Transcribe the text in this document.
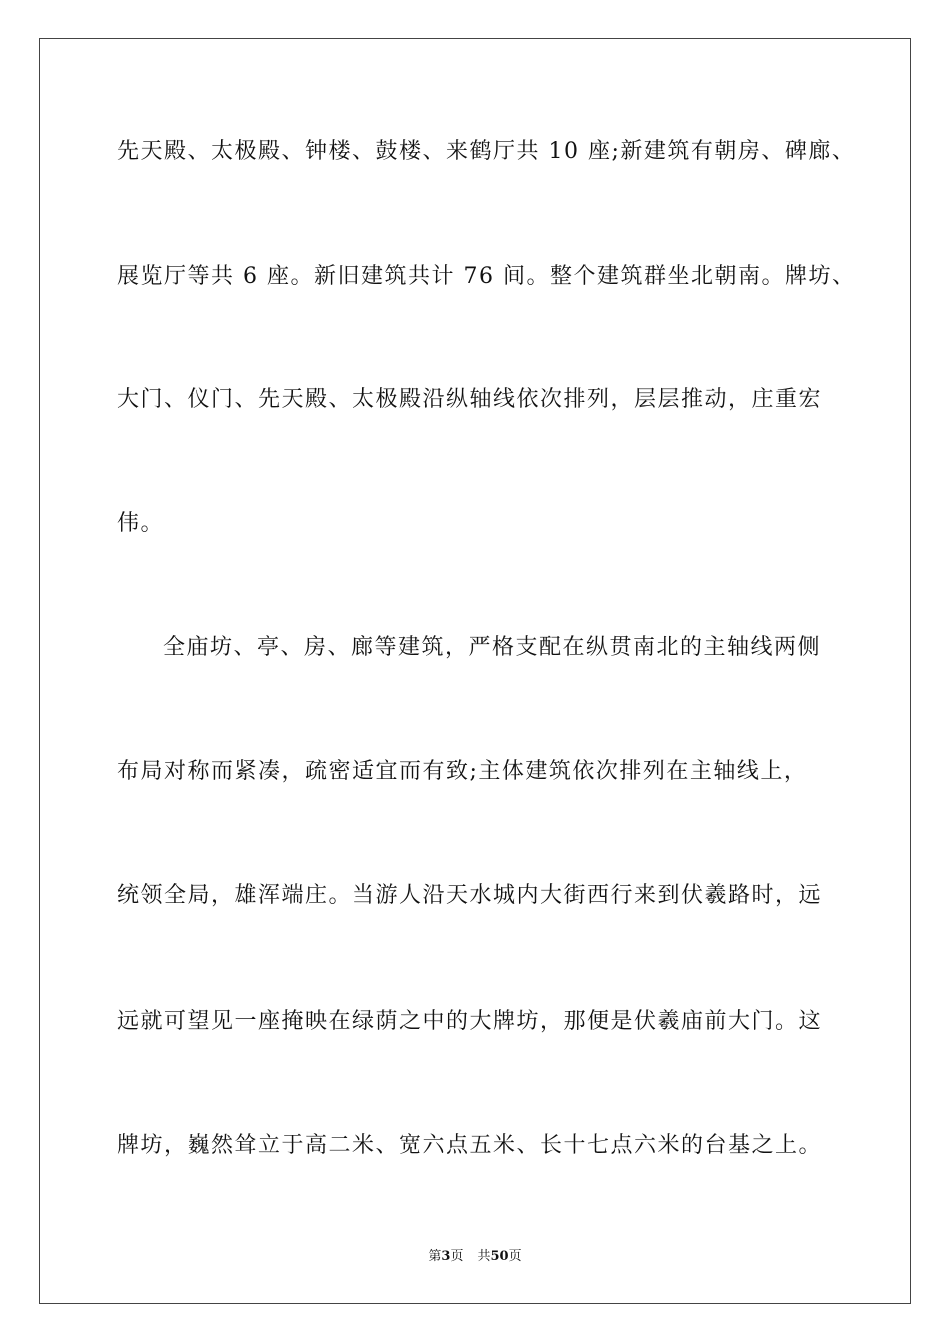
先天殿、太极殿、钟楼、鼓楼、来鹤厅共 10 座;新建筑有朝房、碑廊、
展览厅等共 6 座。新旧建筑共计 76 间。整个建筑群坐北朝南。牌坊、
大门、仪门、先天殿、太极殿沿纵轴线依次排列，层层推动，庄重宏
伟。
全庙坊、亭、房、廊等建筑，严格支配在纵贯南北的主轴线两侧
布局对称而紧凑，疏密适宜而有致;主体建筑依次排列在主轴线上，
统领全局，雄浑端庄。当游人沿天水城内大街西行来到伏羲路时，远
远就可望见一座掩映在绿荫之中的大牌坊，那便是伏羲庙前大门。这
牌坊，巍然耸立于高二米、宽六点五米、长十七点六米的台基之上。
第3页 共50页
